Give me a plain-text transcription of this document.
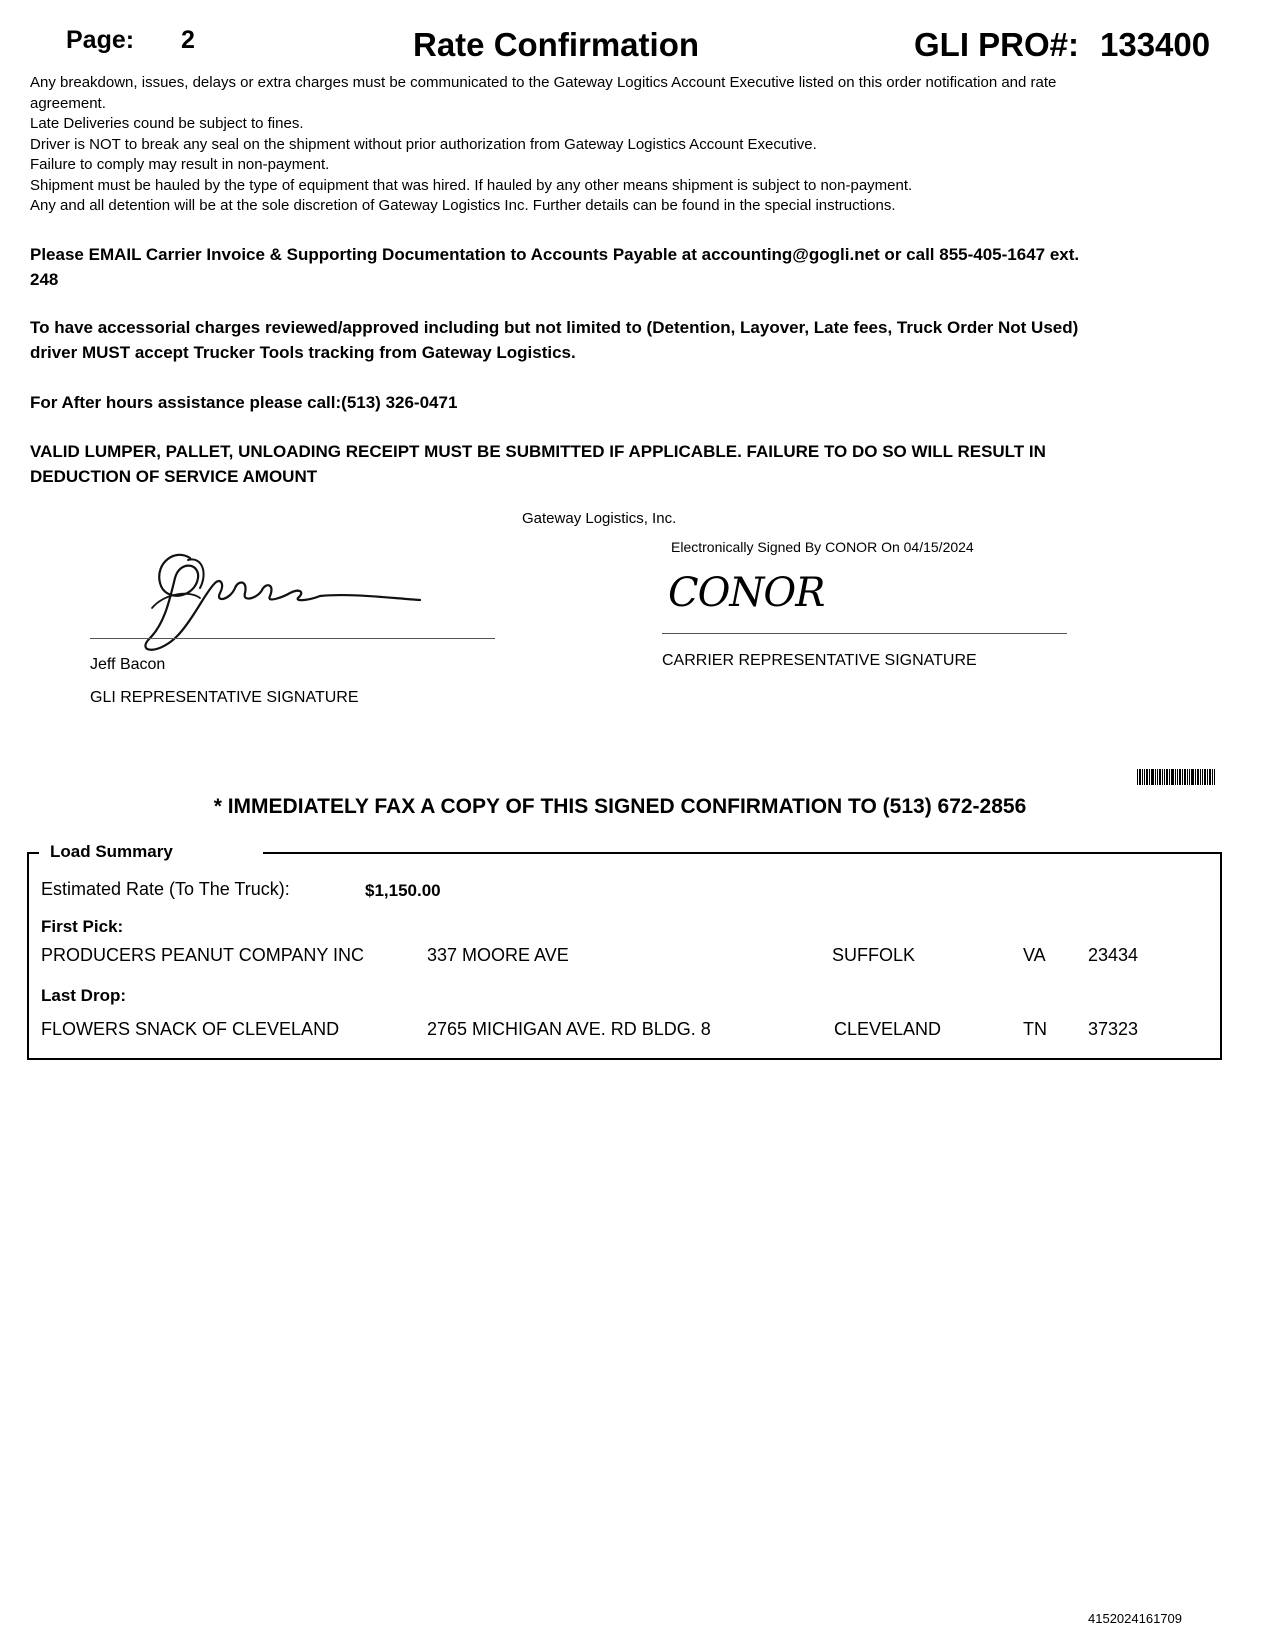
Page: 2	Rate Confirmation	GLI PRO#: 133400
Any breakdown, issues, delays or extra charges must be communicated to the Gateway Logitics Account Executive listed on this order notification and rate agreement.
Late Deliveries cound be subject to fines.
Driver is NOT to break any seal on the shipment without prior authorization from Gateway Logistics Account Executive.
Failure to comply may result in non-payment.
Shipment must be hauled by the type of equipment that was hired. If hauled by any other means shipment is subject to non-payment.
Any and all detention will be at the sole discretion of Gateway Logistics Inc. Further details can be found in the special instructions.
Please EMAIL Carrier Invoice & Supporting Documentation to Accounts Payable at accounting@gogli.net or call 855-405-1647 ext. 248
To have accessorial charges reviewed/approved including but not limited to (Detention, Layover, Late fees, Truck Order Not Used) driver MUST accept Trucker Tools tracking from Gateway Logistics.
For After hours assistance please call:(513) 326-0471
VALID LUMPER, PALLET, UNLOADING RECEIPT MUST BE SUBMITTED IF APPLICABLE. FAILURE TO DO SO WILL RESULT IN DEDUCTION OF SERVICE AMOUNT
Gateway Logistics, Inc.
Electronically Signed By CONOR On 04/15/2024
CONOR
Jeff Bacon
GLI REPRESENTATIVE SIGNATURE
CARRIER REPRESENTATIVE SIGNATURE
* IMMEDIATELY FAX A COPY OF THIS SIGNED CONFIRMATION TO (513) 672-2856
Load Summary
Estimated Rate (To The Truck):	$1,150.00
First Pick:
PRODUCERS PEANUT COMPANY INC	337 MOORE AVE	SUFFOLK	VA 23434
Last Drop:
FLOWERS SNACK OF CLEVELAND	2765 MICHIGAN AVE. RD BLDG. 8	CLEVELAND	TN 37323
4152024161709
